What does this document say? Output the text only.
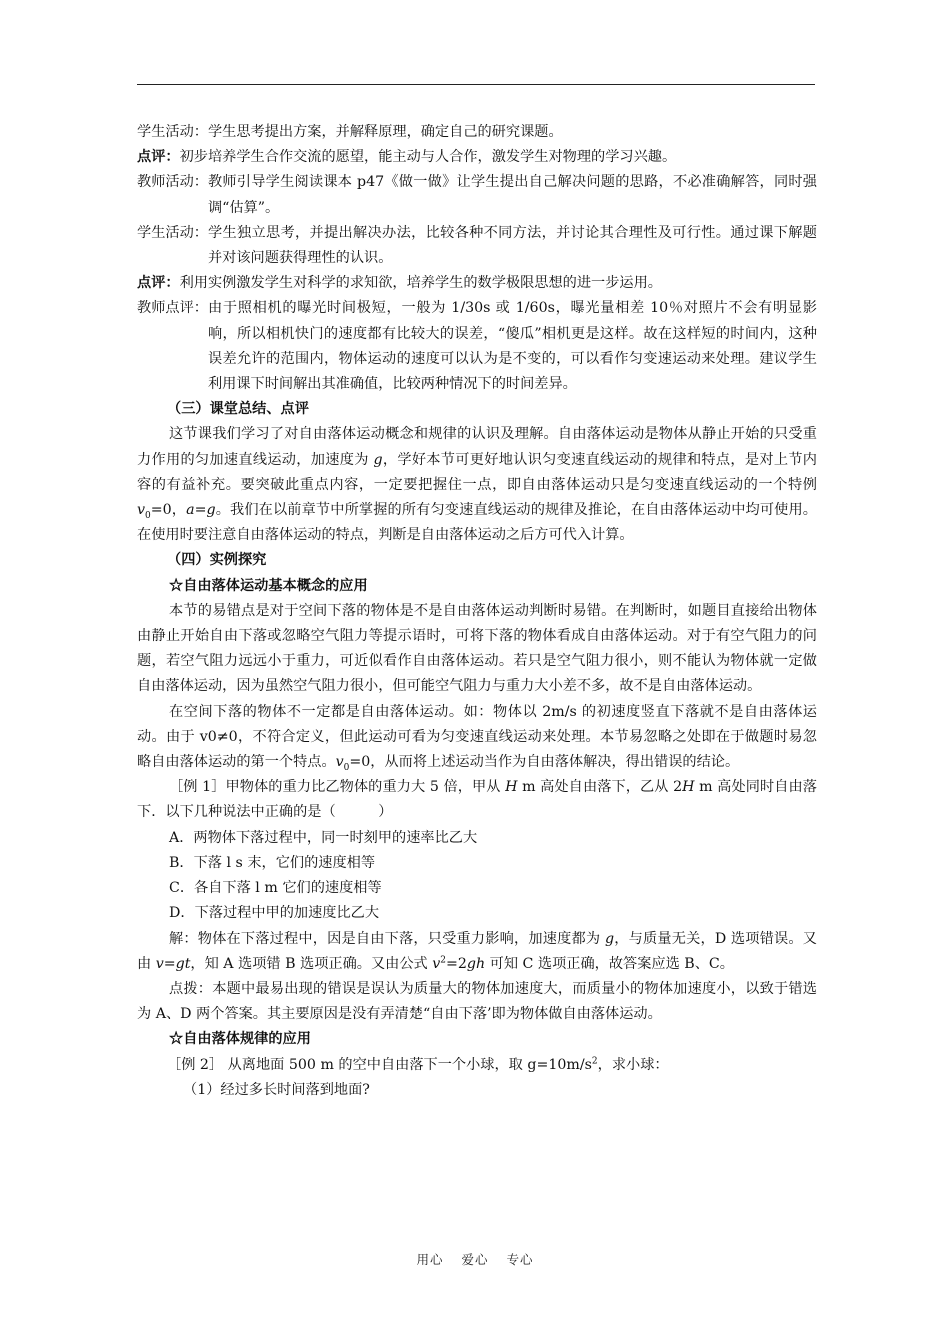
学生活动： 学生思考提出方案，并解释原理，确定自己的研究课题。
点评： 初步培养学生合作交流的愿望，能主动与人合作，激发学生对物理的学习兴趣。
教师活动： 教师引导学生阅读课本 p47《做一做》让学生提出自己解决问题的思路，不必准确解答，同时强调“估算”。
学生活动： 学生独立思考，并提出解决办法，比较各种不同方法，并讨论其合理性及可行性。通过课下解题并对该问题获得理性的认识。
点评： 利用实例激发学生对科学的求知欲，培养学生的数学极限思想的进一步运用。
教师点评： 由于照相机的曝光时间极短，一般为 1/30s 或 1/60s，曝光量相差 10％对照片不会有明显影响，所以相机快门的速度都有比较大的误差，“傻瓜”相机更是这样。故在这样短的时间内，这种误差允许的范围内，物体运动的速度可以认为是不变的，可以看作匀变速运动来处理。建议学生利用课下时间解出其准确值，比较两种情况下的时间差异。

（三）课堂总结、点评

这节课我们学习了对自由落体运动概念和规律的认识及理解。自由落体运动是物体从静止开始的只受重力作用的匀加速直线运动，加速度为 g，学好本节可更好地认识匀变速直线运动的规律和特点，是对上节内容的有益补充。要突破此重点内容，一定要把握住一点，即自由落体运动只是匀变速直线运动的一个特例 $v_0=0$，a=g。我们在以前章节中所掌握的所有匀变速直线运动的规律及推论，在自由落体运动中均可使用。在使用时要注意自由落体运动的特点，判断是自由落体运动之后方可代入计算。

（四）实例探究

☆自由落体运动基本概念的应用

本节的易错点是对于空间下落的物体是不是自由落体运动判断时易错。在判断时，如题目直接给出物体由静止开始自由下落或忽略空气阻力等提示语时，可将下落的物体看成自由落体运动。对于有空气阻力的问题，若空气阻力远远小于重力，可近似看作自由落体运动。若只是空气阻力很小，则不能认为物体就一定做自由落体运动，因为虽然空气阻力很小，但可能空气阻力与重力大小差不多，故不是自由落体运动。

在空间下落的物体不一定都是自由落体运动。如：物体以 2m/s 的初速度竖直下落就不是自由落体运动。由于 v0≠0，不符合定义，但此运动可看为匀变速直线运动来处理。本节易忽略之处即在于做题时易忽略自由落体运动的第一个特点。$v_0=0$，从而将上述运动当作为自由落体解决，得出错误的结论。

［例 1］甲物体的重力比乙物体的重力大 5 倍，甲从 H m 高处自由落下，乙从 2H m 高处同时自由落下．以下几种说法中正确的是（　　　）

A．两物体下落过程中，同一时刻甲的速率比乙大

B．下落 l s 末，它们的速度相等

C．各自下落 l m 它们的速度相等

D．下落过程中甲的加速度比乙大

解：物体在下落过程中，因是自由下落，只受重力影响，加速度都为 g，与质量无关，D 选项错误。又由 v=gt，知 A 选项错 B 选项正确。又由公式 $v^2=2gh$ 可知 C 选项正确，故答案应选 B、C。

点拨：本题中最易出现的错误是误认为质量大的物体加速度大，而质量小的物体加速度小，以致于错选为 A、D 两个答案。其主要原因是没有弄清楚“自由下落’即为物体做自由落体运动。

☆自由落体规律的应用

［例 2］ 从离地面 500 m 的空中自由落下一个小球，取 $g=10m/s^2$，求小球：

（1）经过多长时间落到地面?

用心 爱心 专心
